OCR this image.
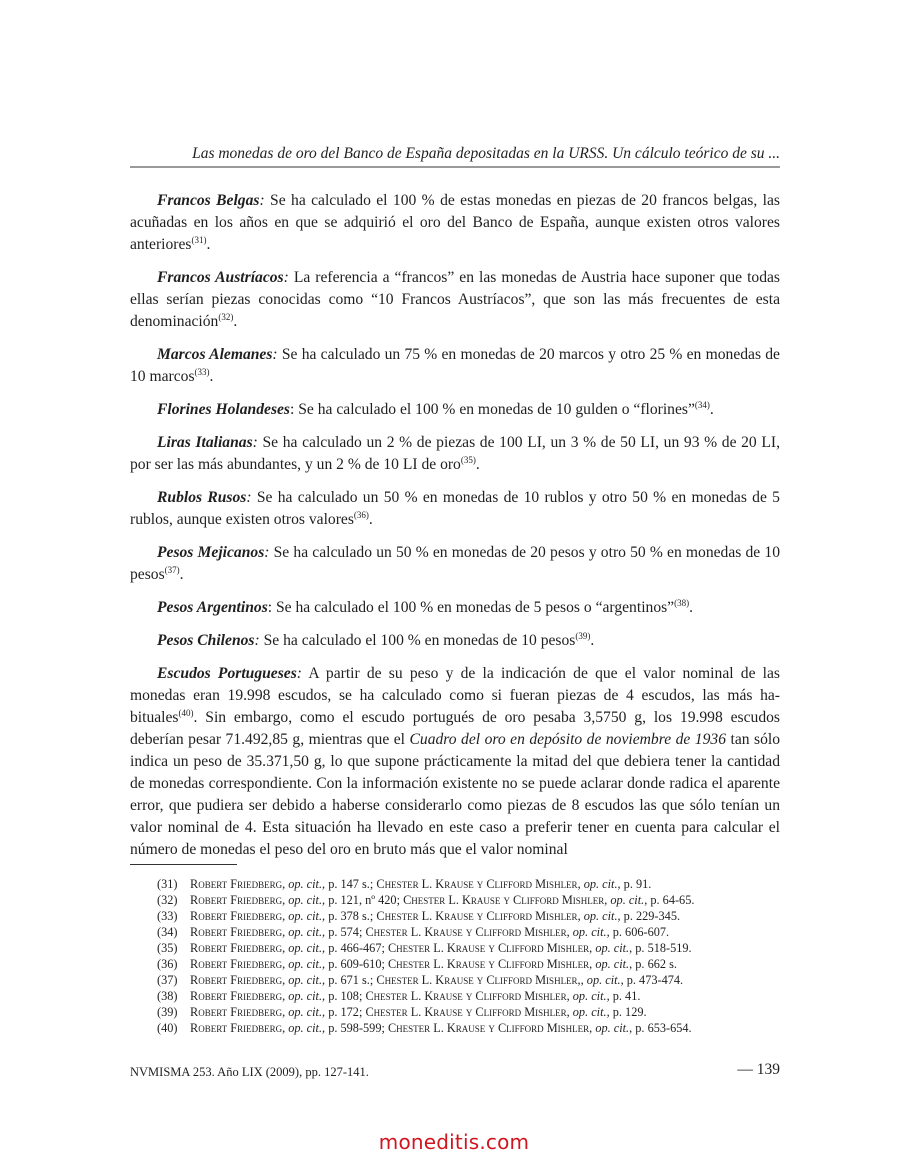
Las monedas de oro del Banco de España depositadas en la URSS. Un cálculo teórico de su ...

Francos Belgas: Se ha calculado el 100 % de estas monedas en piezas de 20 francos belgas, las acuñadas en los años en que se adquirió el oro del Banco de España, aunque existen otros valores anteriores$^{(31)}$.

Francos Austríacos: La referencia a “francos” en las monedas de Austria hace suponer que todas ellas serían piezas conocidas como “10 Francos Austríacos”, que son las más frecuentes de esta denominación$^{(32)}$.

Marcos Alemanes: Se ha calculado un 75 % en monedas de 20 marcos y otro 25 % en monedas de 10 marcos$^{(33)}$.

Florines Holandeses: Se ha calculado el 100 % en monedas de 10 gulden o “florines”$^{(34)}$.

Liras Italianas: Se ha calculado un 2 % de piezas de 100 LI, un 3 % de 50 LI, un 93 % de 20 LI, por ser las más abundantes, y un 2 % de 10 LI de oro$^{(35)}$.

Rublos Rusos: Se ha calculado un 50 % en monedas de 10 rublos y otro 50 % en monedas de 5 rublos, aunque existen otros valores$^{(36)}$.

Pesos Mejicanos: Se ha calculado un 50 % en monedas de 20 pesos y otro 50 % en monedas de 10 pesos$^{(37)}$.

Pesos Argentinos: Se ha calculado el 100 % en monedas de 5 pesos o “argentinos”$^{(38)}$.

Pesos Chilenos: Se ha calculado el 100 % en monedas de 10 pesos$^{(39)}$.

Escudos Portugueses: A partir de su peso y de la indicación de que el valor nominal de las monedas eran 19.998 escudos, se ha calculado como si fueran piezas de 4 escudos, las más habituales$^{(40)}$. Sin embargo, como el escudo portugués de oro pesaba 3,5750 g, los 19.998 escudos deberían pesar 71.492,85 g, mientras que el Cuadro del oro en depósito de noviembre de 1936 tan sólo indica un peso de 35.371,50 g, lo que supone prácticamente la mitad del que debiera tener la cantidad de monedas correspondiente. Con la información existente no se puede aclarar donde radica el aparente error, que pudiera ser debido a haberse considerarlo como piezas de 8 escudos las que sólo tenían un valor nominal de 4. Esta situación ha llevado en este caso a preferir tener en cuenta para calcular el número de monedas el peso del oro en bruto más que el valor nominal

(31)	Robert Friedberg, op. cit., p. 147 s.; Chester L. Krause y Clifford Mishler, op. cit., p. 91.
(32)	Robert Friedberg, op. cit., p. 121, nº 420; Chester L. Krause y Clifford Mishler, op. cit., p. 64-65.
(33)	Robert Friedberg, op. cit., p. 378 s.; Chester L. Krause y Clifford Mishler, op. cit., p. 229-345.
(34)	Robert Friedberg, op. cit., p. 574; Chester L. Krause y Clifford Mishler, op. cit., p. 606-607.
(35)	Robert Friedberg, op. cit., p. 466-467; Chester L. Krause y Clifford Mishler, op. cit., p. 518-519.
(36)	Robert Friedberg, op. cit., p. 609-610; Chester L. Krause y Clifford Mishler, op. cit., p. 662 s.
(37)	Robert Friedberg, op. cit., p. 671 s.; Chester L. Krause y Clifford Mishler,, op. cit., p. 473-474.
(38)	Robert Friedberg, op. cit., p. 108; Chester L. Krause y Clifford Mishler, op. cit., p. 41.
(39)	Robert Friedberg, op. cit., p. 172; Chester L. Krause y Clifford Mishler, op. cit., p. 129.
(40)	Robert Friedberg, op. cit., p. 598-599; Chester L. Krause y Clifford Mishler, op. cit., p. 653-654.
NVMISMA 253. Año LIX (2009), pp. 127-141.	— 139
moneditis.com
